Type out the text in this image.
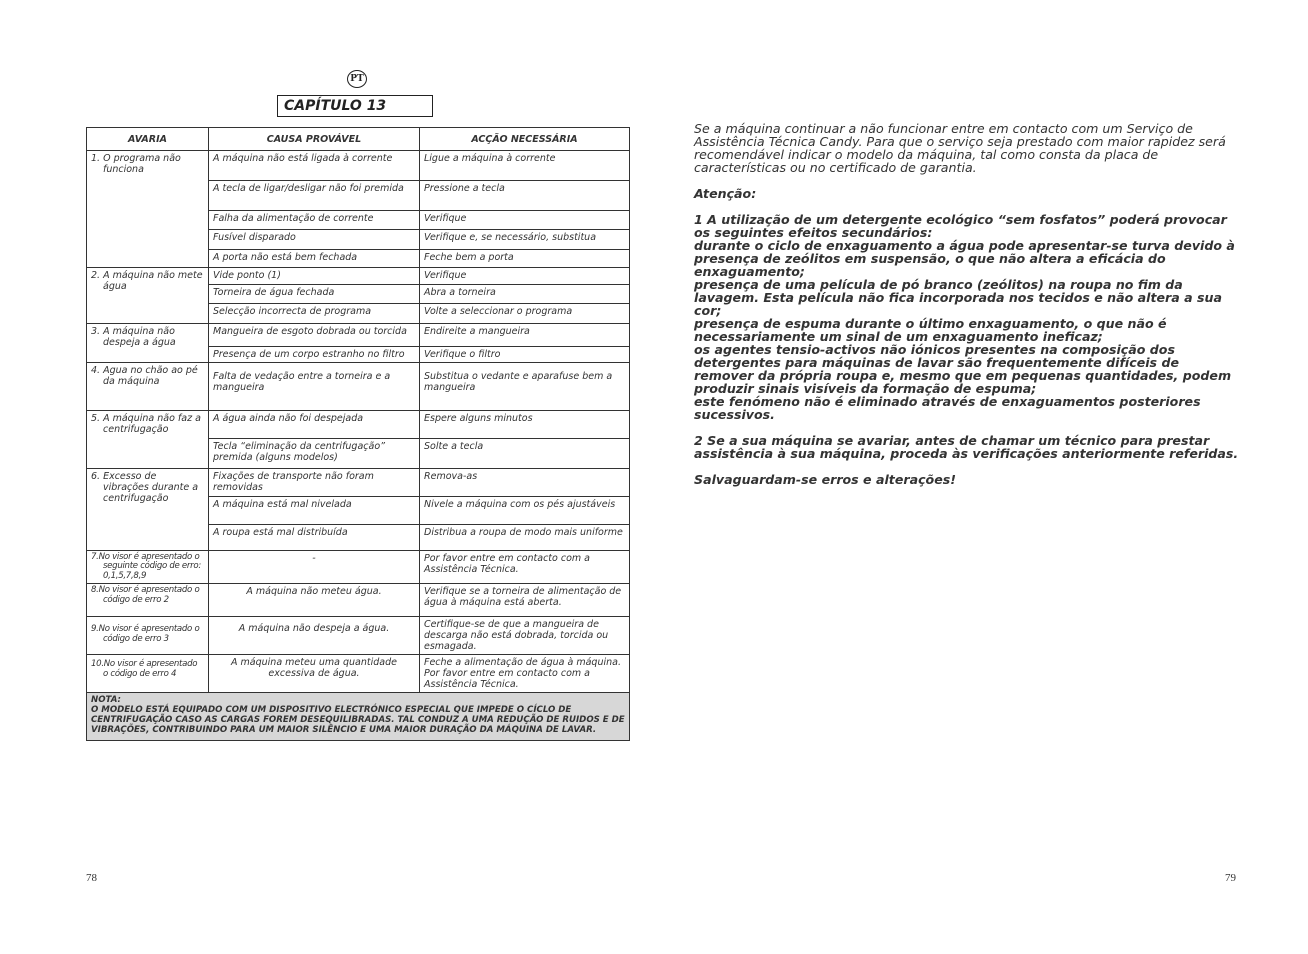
PT
CAPÍTULO 13
AVARIA	CAUSA PROVÁVEL	ACÇÃO NECESSÁRIA

1. O programa não funciona	A máquina não está ligada à corrente	Ligue a máquina à corrente
	A tecla de ligar/desligar não foi premida	Pressione a tecla
	Falha da alimentação de corrente	Verifique
	Fusível disparado	Verifique e, se necessário, substitua
	A porta não está bem fechada	Feche bem a porta

2. A máquina não mete água	Vide ponto (1)	Verifique
	Torneira de água fechada	Abra a torneira
	Selecção incorrecta de programa	Volte a seleccionar o programa

3. A máquina não despeja a água	Mangueira de esgoto dobrada ou torcida	Endireite a mangueira
	Presença de um corpo estranho no filtro	Verifique o filtro

4. Agua no chão ao pé da máquina	Falta de vedação entre a torneira e a mangueira	Substitua o vedante e aparafuse bem a mangueira

5. A máquina não faz a centrifugação	A água ainda não foi despejada	Espere alguns minutos
	Tecla “eliminação da centrifugação” premida (alguns modelos)	Solte a tecla

6. Excesso de vibrações durante a centrifugação	Fixações de transporte não foram removidas	Remova-as
	A máquina está mal nivelada	Nivele a máquina com os pés ajustáveis
	A roupa está mal distribuída	Distribua a roupa de modo mais uniforme

7.No visor é apresentado o seguinte código de erro: 0,1,5,7,8,9	-	Por favor entre em contacto com a Assistência Técnica.

8.No visor é apresentado o código de erro 2	A máquina não meteu água.	Verifique se a torneira de alimentação de água à máquina está aberta.

9.No visor é apresentado o código de erro 3	A máquina não despeja a água.	Certifique-se de que a mangueira de descarga não está dobrada, torcida ou esmagada.

10.No visor é apresentado o código de erro 4	A máquina meteu uma quantidade excessiva de água.	Feche a alimentação de água à máquina. Por favor entre em contacto com a Assistência Técnica.

NOTA:
O MODELO ESTÁ EQUIPADO COM UM DISPOSITIVO ELECTRÓNICO ESPECIAL QUE IMPEDE O CÍCLO DE CENTRIFUGAÇÃO CASO AS CARGAS FOREM DESEQUILIBRADAS. TAL CONDUZ A UMA REDUÇÃO DE RUIDOS E DE VIBRAÇÕES, CONTRIBUINDO PARA UM MAIOR SILÊNCIO E UMA MAIOR DURAÇÃO DA MÁQUINA DE LAVAR.		

Se a máquina continuar a não funcionar entre em contacto com um Serviço de Assistência Técnica Candy. Para que o serviço seja prestado com maior rapidez será recomendável indicar o modelo da máquina, tal como consta da placa de características ou no certificado de garantia.

Atenção:

1 A utilização de um detergente ecológico “sem fosfatos” poderá provocar os seguintes efeitos secundários:

durante o ciclo de enxaguamento a água pode apresentar-se turva devido à presença de zeólitos em suspensão, o que não altera a eficácia do enxaguamento;

presença de uma película de pó branco (zeólitos) na roupa no fim da lavagem. Esta película não fica incorporada nos tecidos e não altera a sua cor;

presença de espuma durante o último enxaguamento, o que não é necessariamente um sinal de um enxaguamento ineficaz;

os agentes tensio-activos não iónicos presentes na composição dos detergentes para máquinas de lavar são frequentemente difíceis de remover da própria roupa e, mesmo que em pequenas quantidades, podem produzir sinais visíveis da formação de espuma;

este fenómeno não é eliminado através de enxaguamentos posteriores sucessivos.

2 Se a sua máquina se avariar, antes de chamar um técnico para prestar assistência à sua máquina, proceda às verificações anteriormente referidas.

Salvaguardam-se erros e alterações!

78	79
